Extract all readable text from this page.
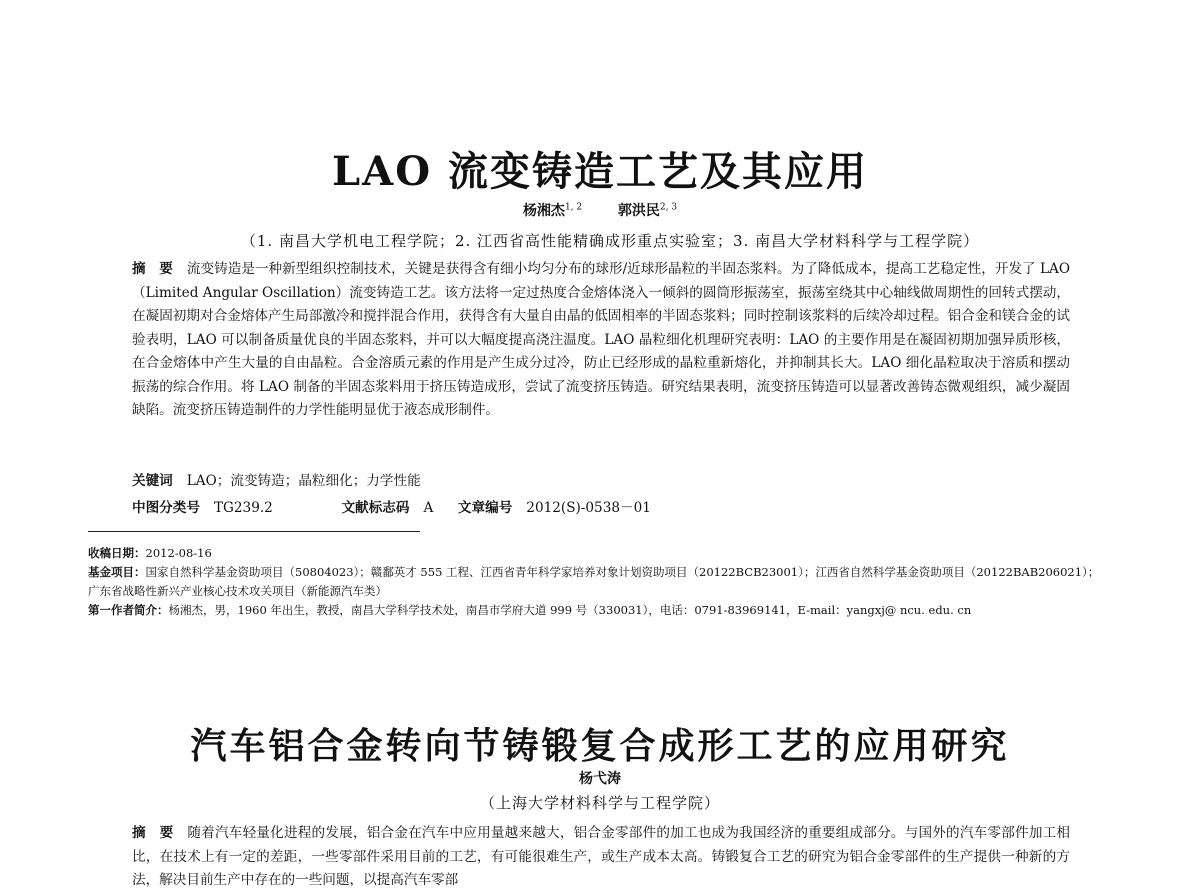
LAO 流变铸造工艺及其应用
杨湘杰$^{1, 2}$	郭洪民$^{2, 3}$
（1. 南昌大学机电工程学院；2. 江西省高性能精确成形重点实验室；3. 南昌大学材料科学与工程学院）
摘　要 流变铸造是一种新型组织控制技术，关键是获得含有细小均匀分布的球形/近球形晶粒的半固态浆料。为了降低成本，提高工艺稳定性，开发了 LAO（Limited Angular Oscillation）流变铸造工艺。该方法将一定过热度合金熔体浇入一倾斜的圆筒形振荡室，振荡室绕其中心轴线做周期性的回转式摆动，在凝固初期对合金熔体产生局部激冷和搅拌混合作用，获得含有大量自由晶的低固相率的半固态浆料；同时控制该浆料的后续冷却过程。铝合金和镁合金的试验表明，LAO 可以制备质量优良的半固态浆料，并可以大幅度提高浇注温度。LAO 晶粒细化机理研究表明：LAO 的主要作用是在凝固初期加强异质形核，在合金熔体中产生大量的自由晶粒。合金溶质元素的作用是产生成分过冷，防止已经形成的晶粒重新熔化，并抑制其长大。LAO 细化晶粒取决于溶质和摆动振荡的综合作用。将 LAO 制备的半固态浆料用于挤压铸造成形，尝试了流变挤压铸造。研究结果表明，流变挤压铸造可以显著改善铸态微观组织，减少凝固缺陷。流变挤压铸造制件的力学性能明显优于液态成形制件。
关键词 LAO；流变铸造；晶粒细化；力学性能
中图分类号 TG239.2	文献标志码 A 文章编号 2012(S)-0538－01
收稿日期：2012-08-16
基金项目：国家自然科学基金资助项目（50804023）；赣鄱英才 555 工程、江西省青年科学家培养对象计划资助项目（20122BCB23001）；江西省自然科学基金资助项目（20122BAB206021）；广东省战略性新兴产业核心技术攻关项目（新能源汽车类）
第一作者简介：杨湘杰，男，1960 年出生，教授，南昌大学科学技术处，南昌市学府大道 999 号（330031），电话：0791-83969141，E-mail：yangxj@ ncu. edu. cn
汽车铝合金转向节铸锻复合成形工艺的应用研究
杨弋涛
（上海大学材料科学与工程学院）
摘　要 随着汽车轻量化进程的发展，铝合金在汽车中应用量越来越大，铝合金零部件的加工也成为我国经济的重要组成部分。与国外的汽车零部件加工相比，在技术上有一定的差距，一些零部件采用目前的工艺，有可能很难生产，或生产成本太高。铸锻复合工艺的研究为铝合金零部件的生产提供一种新的方法，解决目前生产中存在的一些问题，以提高汽车零部
